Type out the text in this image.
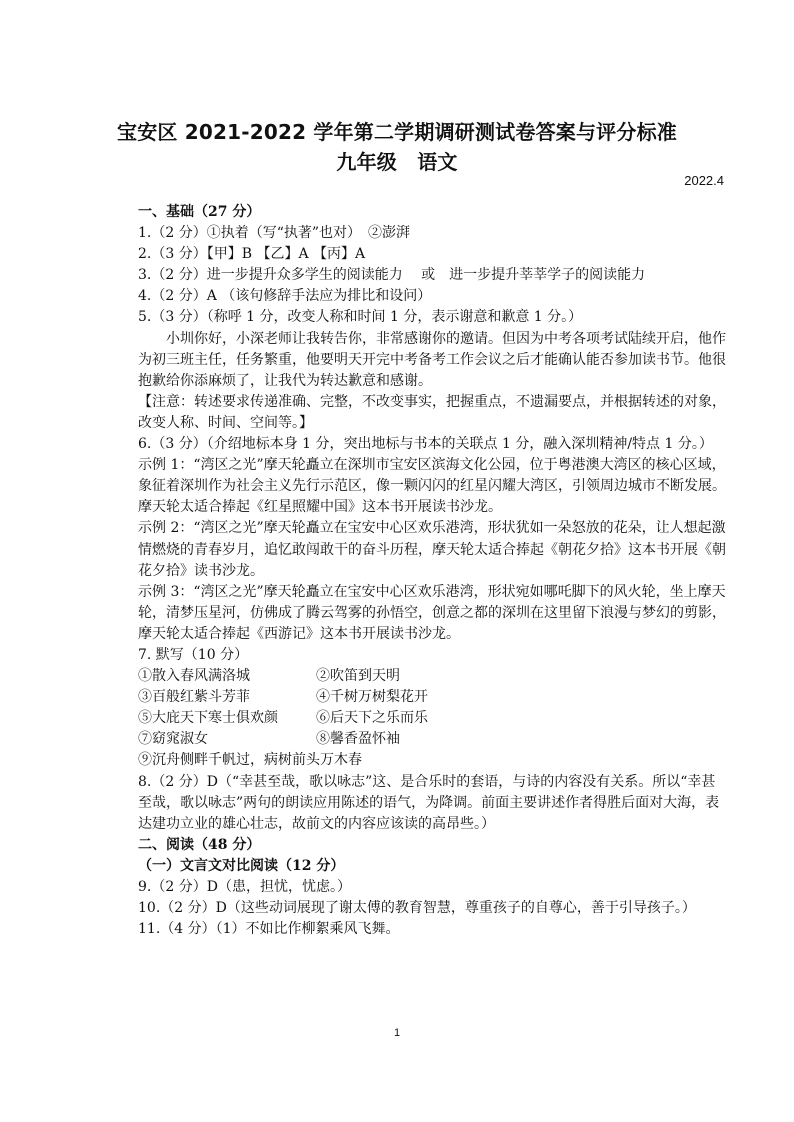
宝安区 2021-2022 学年第二学期调研测试卷答案与评分标准
九年级　语文
2022.4

一、基础（27 分）

1.（2 分）①执着（写“执著”也对）　②澎湃

2.（3 分）【甲】B 【乙】A 【丙】A

3.（2 分）进一步提升众多学生的阅读能力　 或　进一步提升莘莘学子的阅读能力

4.（2 分）A （该句修辞手法应为排比和设问）

5.（3 分）（称呼 1 分，改变人称和时间 1 分，表示谢意和歉意 1 分。）

小圳你好，小深老师让我转告你，非常感谢你的邀请。但因为中考各项考试陆续开启，他作为初三班主任，任务繁重，他要明天开完中考备考工作会议之后才能确认能否参加读书节。他很抱歉给你添麻烦了，让我代为转达歉意和感谢。

【注意：转述要求传递准确、完整，不改变事实，把握重点，不遗漏要点，并根据转述的对象，改变人称、时间、空间等。】

6.（3 分）（介绍地标本身 1 分，突出地标与书本的关联点 1 分，融入深圳精神/特点 1 分。）

示例 1：“湾区之光”摩天轮矗立在深圳市宝安区滨海文化公园，位于粤港澳大湾区的核心区域，象征着深圳作为社会主义先行示范区，像一颗闪闪的红星闪耀大湾区，引领周边城市不断发展。摩天轮太适合捧起《红星照耀中国》这本书开展读书沙龙。

示例 2：“湾区之光”摩天轮矗立在宝安中心区欢乐港湾，形状犹如一朵怒放的花朵，让人想起激情燃烧的青春岁月，追忆敢闯敢干的奋斗历程，摩天轮太适合捧起《朝花夕拾》这本书开展《朝花夕拾》读书沙龙。

示例 3：“湾区之光”摩天轮矗立在宝安中心区欢乐港湾，形状宛如哪吒脚下的风火轮，坐上摩天轮，清梦压星河，仿佛成了腾云驾雾的孙悟空，创意之都的深圳在这里留下浪漫与梦幻的剪影，摩天轮太适合捧起《西游记》这本书开展读书沙龙。

7. 默写（10 分）

①散入春风满洛城	②吹笛到天明
③百般红紫斗芳菲	④千树万树梨花开
⑤大庇天下寒士俱欢颜	⑥后天下之乐而乐
⑦窈窕淑女	⑧馨香盈怀袖

⑨沉舟侧畔千帆过，病树前头万木春

8.（2 分）D（“幸甚至哉，歌以咏志”这、是合乐时的套语，与诗的内容没有关系。所以“幸甚至哉，歌以咏志”两句的朗读应用陈述的语气，为降调。前面主要讲述作者得胜后面对大海，表达建功立业的雄心壮志，故前文的内容应该读的高昂些。）

二、阅读（48 分）

（一）文言文对比阅读（12 分）

9.（2 分）D（患，担忧，忧虑。）

10.（2 分）D（这些动词展现了谢太傅的教育智慧，尊重孩子的自尊心，善于引导孩子。）

11.（4 分）（1）不如比作柳絮乘风飞舞。

1
